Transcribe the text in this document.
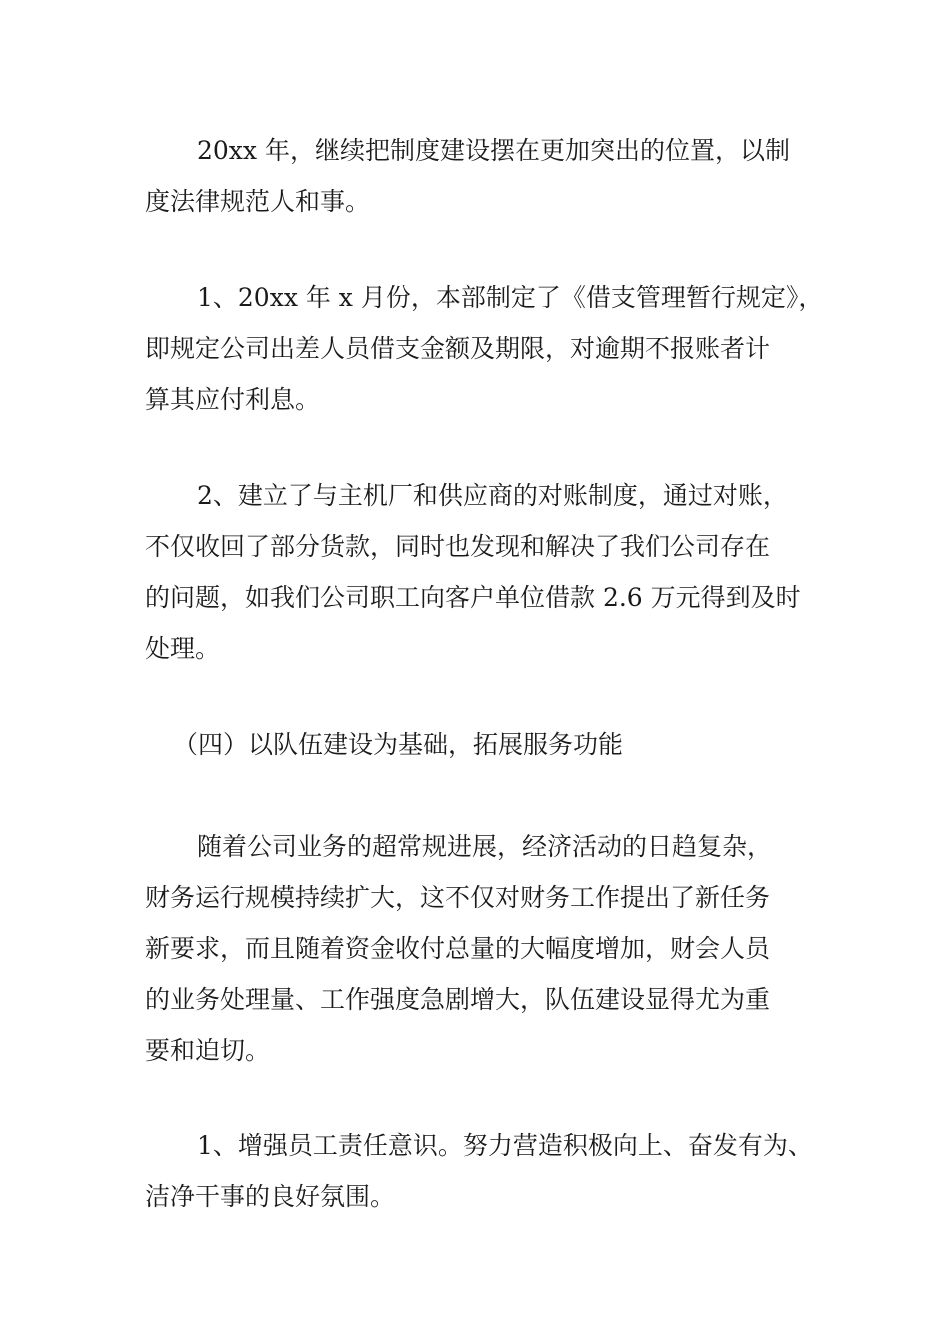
20xx 年，继续把制度建设摆在更加突出的位置，以制
度法律规范人和事。

1、20xx 年 x 月份，本部制定了《借支管理暂行规定》，
即规定公司出差人员借支金额及期限，对逾期不报账者计
算其应付利息。

2、建立了与主机厂和供应商的对账制度，通过对账，
不仅收回了部分货款，同时也发现和解决了我们公司存在
的问题，如我们公司职工向客户单位借款 2.6 万元得到及时
处理。

（四）以队伍建设为基础，拓展服务功能

随着公司业务的超常规进展，经济活动的日趋复杂，
财务运行规模持续扩大，这不仅对财务工作提出了新任务
新要求，而且随着资金收付总量的大幅度增加，财会人员
的业务处理量、工作强度急剧增大，队伍建设显得尤为重
要和迫切。

1、增强员工责任意识。努力营造积极向上、奋发有为、
洁净干事的良好氛围。
